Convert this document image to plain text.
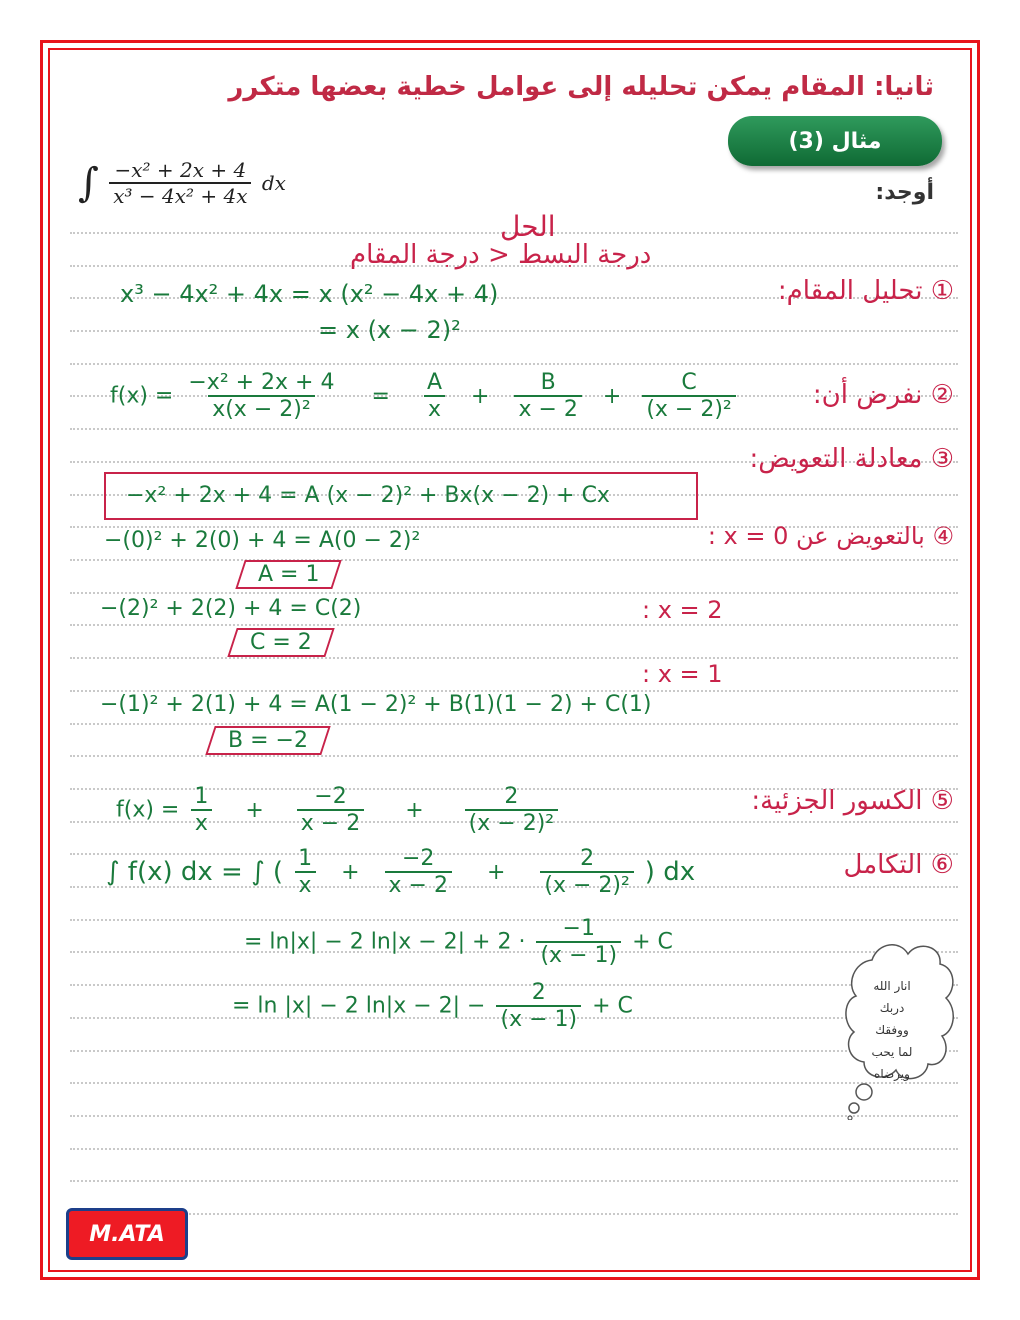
ثانيا: المقام يمكن تحليله إلى عوامل خطية بعضها متكرر
مثال (3)
أوجد:
∫ $\frac{\text{−x² + 2x + 4}}{\text{x³ − 4x² + 4x}}$ dx
الحل
درجة البسط < درجة المقام
① تحليل المقام:
x³ − 4x² + 4x = x (x² − 4x + 4)
= x (x − 2)²
② نفرض أن:
$f(x) = \frac{\text{−x² + 2x + 4}}{\text{x(x − 2)²}} = \frac{A}{x} + \frac{B}{x - 2} + \frac{C}{\text{(x − 2)²}}$
③ معادلة التعويض:
−x² + 2x + 4 = A (x − 2)² + Bx(x − 2) + Cx
④ بالتعويض عن x = 0 :
−(0)² + 2(0) + 4 = A(0 − 2)²
A = 1
: x = 2
−(2)² + 2(2) + 4 = C(2)
C = 2
: x = 1
−(1)² + 2(1) + 4 = A(1 − 2)² + B(1)(1 − 2) + C(1)
B = −2
⑤ الكسور الجزئية:
$f(x) = \frac{1}{x} + \frac{-2}{x - 2} + \frac{2}{\text{(x − 2)²}}$
⑥ التكامل
∫ f(x) dx = ∫ ( $\frac{1}{x} + \frac{-2}{x - 2} + \frac{2}{\text{(x − 2)²}}$ ) dx
= ln|x| − 2 $\ln|x - 2| + 2 \cdot \frac{-1}{(x - 1)} + C$
= ln |x| − 2 $\ln|x - 2| - \frac{2}{(x - 1)} + C$
انار الله
دربك
ووفقك
لما يحب
ويرضاه
M.ATA
